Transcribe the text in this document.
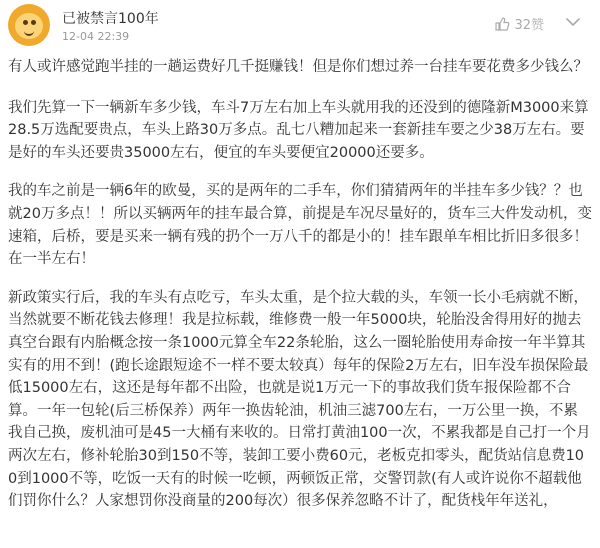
已被禁言100年
12-04 22:39
32赞

有人或许感觉跑半挂的一趟运费好几千挺赚钱！但是你们想过养一台挂车要花费多少钱么？

我们先算一下一辆新车多少钱，车斗7万左右加上车头就用我的还没到的德隆新M3000来算28.5万选配要贵点，车头上路30万多点。乱七八糟加起来一套新挂车要之少38万左右。要是好的车头还要贵35000左右，便宜的车头要便宜20000还要多。

我的车之前是一辆6年的欧曼，买的是两年的二手车，你们猜猜两年的半挂车多少钱？？也就20万多点！！所以买辆两年的挂车最合算，前提是车况尽量好的，货车三大件发动机，变速箱，后桥，要是买来一辆有残的扔个一万八千的都是小的！挂车跟单车相比折旧多很多！在一半左右！

新政策实行后，我的车头有点吃亏，车头太重，是个拉大载的头，车领一长小毛病就不断，当然就要不断花钱去修理！我是拉标载，维修费一般一年5000块，轮胎没舍得用好的抛去真空台跟有内胎概念按一条1000元算全车22条轮胎，这么一圈轮胎使用寿命按一年半算其实有的用不到！(跑长途跟短途不一样不要太较真）每年的保险2万左右，旧车没车损保险最低15000左右，这还是每年都不出险，也就是说1万元一下的事故我们货车报保险都不合算。一年一包轮(后三桥保养）两年一换齿轮油，机油三滤700左右，一万公里一换，不累我自己换，废机油可是45一大桶有来收的。日常打黄油100一次，不累我都是自己打一个月两次左右，修补轮胎30到150不等，装卸工要小费60元，老板克扣零头，配货站信息费100到1000不等，吃饭一天有的时候一吃顿，两顿饭正常，交警罚款(有人或许说你不超载他们罚你什么？人家想罚你没商量的200每次）很多保养忽略不计了，配货栈年年送礼，
